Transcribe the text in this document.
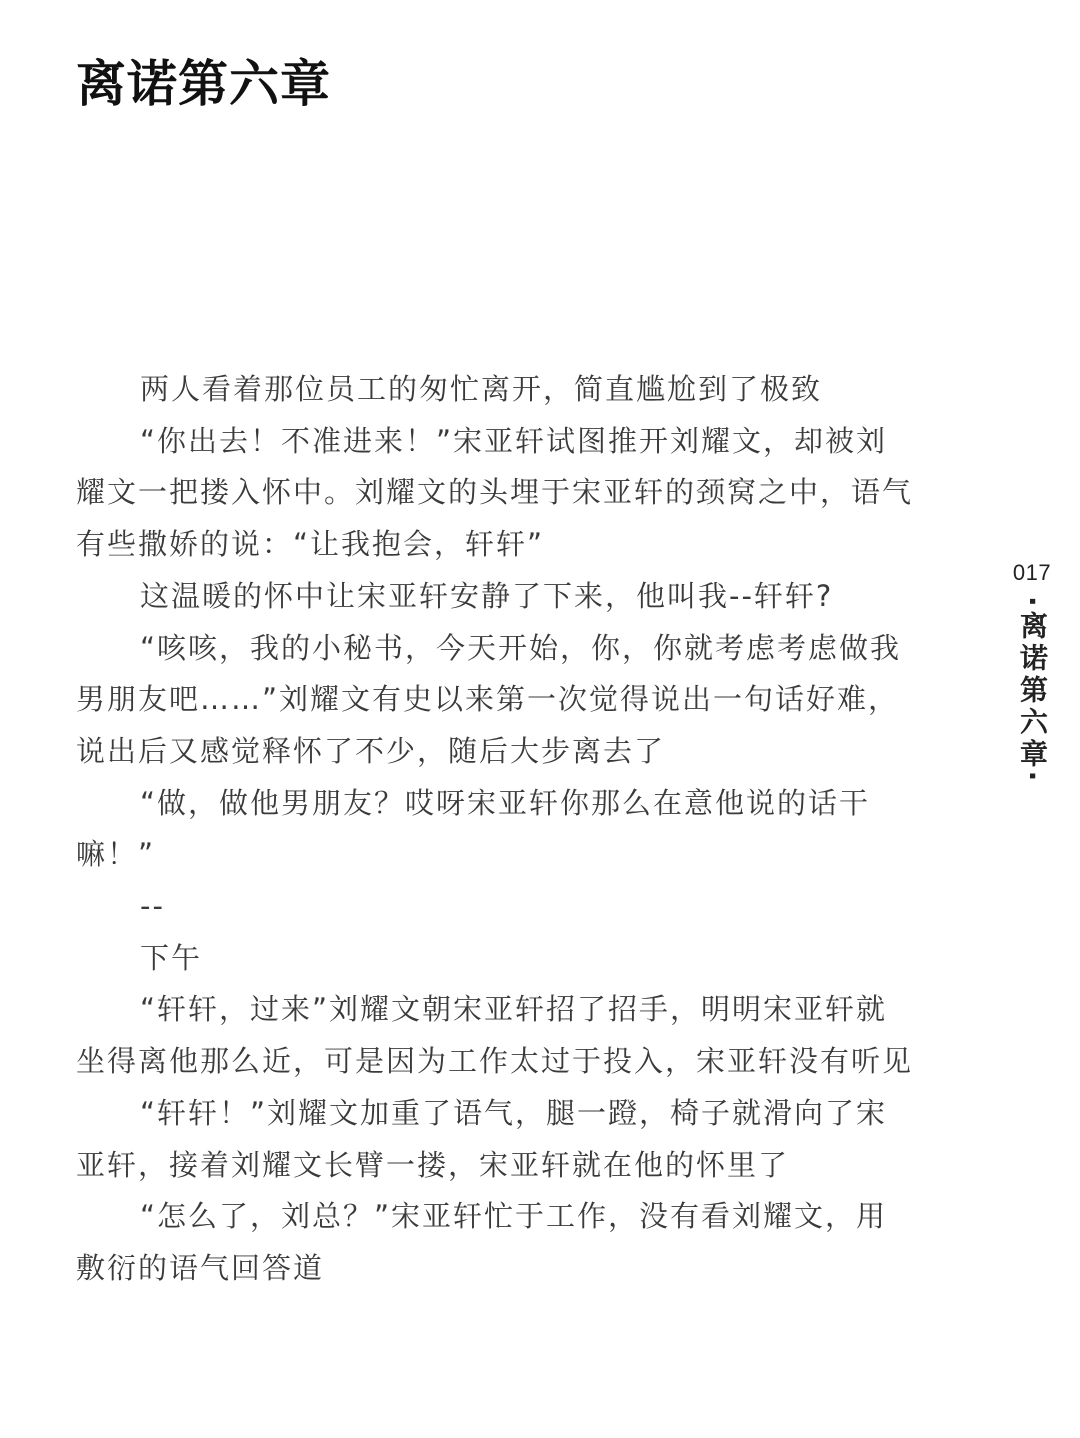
离诺第六章
两人看着那位员工的匆忙离开，简直尴尬到了极致
“你出去！不准进来！”宋亚轩试图推开刘耀文，却被刘
耀文一把搂入怀中。刘耀文的头埋于宋亚轩的颈窝之中，语气
有些撒娇的说：“让我抱会，轩轩”
这温暖的怀中让宋亚轩安静了下来，他叫我--轩轩?
“咳咳，我的小秘书，今天开始，你，你就考虑考虑做我
男朋友吧……”刘耀文有史以来第一次觉得说出一句话好难，
说出后又感觉释怀了不少，随后大步离去了
“做，做他男朋友？哎呀宋亚轩你那么在意他说的话干
嘛！”
--
下午
“轩轩，过来”刘耀文朝宋亚轩招了招手，明明宋亚轩就
坐得离他那么近，可是因为工作太过于投入，宋亚轩没有听见
“轩轩！”刘耀文加重了语气，腿一蹬，椅子就滑向了宋
亚轩，接着刘耀文长臂一搂，宋亚轩就在他的怀里了
“怎么了，刘总？”宋亚轩忙于工作，没有看刘耀文，用
敷衍的语气回答道
017
·离诺第六章·
